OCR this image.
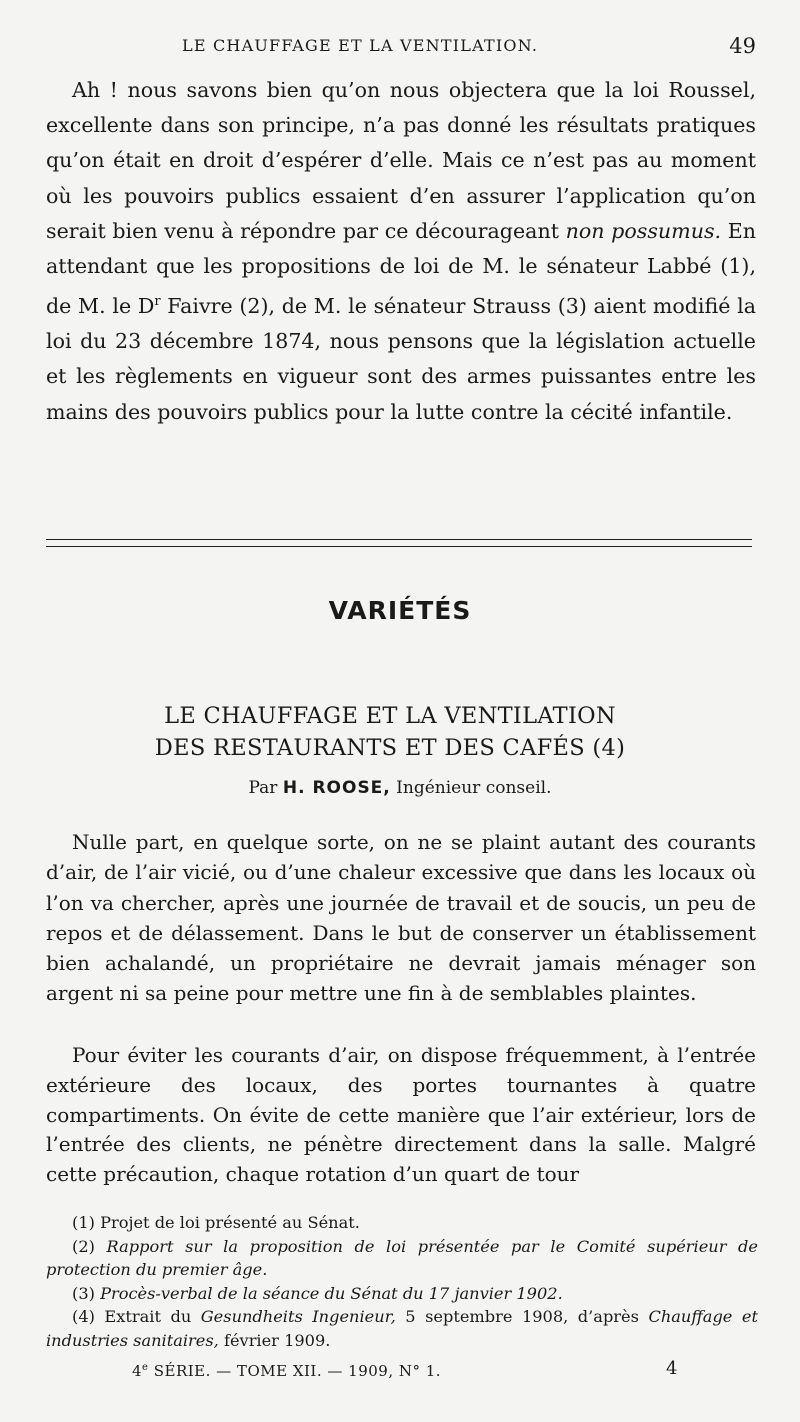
LE CHAUFFAGE ET LA VENTILATION.	49

Ah ! nous savons bien qu’on nous objectera que la loi Roussel, excellente dans son principe, n’a pas donné les résultats pratiques qu’on était en droit d’espérer d’elle. Mais ce n’est pas au moment où les pouvoirs publics essaient d’en assurer l’application qu’on serait bien venu à répondre par ce décourageant non possumus. En attendant que les propositions de loi de M. le sénateur Labbé (1), de M. le $D^r$ Faivre (2), de M. le sénateur Strauss (3) aient modifié la loi du 23 décembre 1874, nous pensons que la législation actuelle et les règlements en vigueur sont des armes puissantes entre les mains des pouvoirs publics pour la lutte contre la cécité infantile.

VARIÉTÉS
LE CHAUFFAGE ET LA VENTILATION
DES RESTAURANTS ET DES CAFÉS (4)

Par H. ROOSE, Ingénieur conseil.

Nulle part, en quelque sorte, on ne se plaint autant des courants d’air, de l’air vicié, ou d’une chaleur excessive que dans les locaux où l’on va chercher, après une journée de travail et de soucis, un peu de repos et de délassement. Dans le but de conserver un établissement bien achalandé, un propriétaire ne devrait jamais ménager son argent ni sa peine pour mettre une fin à de semblables plaintes.

Pour éviter les courants d’air, on dispose fréquemment, à l’entrée extérieure des locaux, des portes tournantes à quatre compartiments. On évite de cette manière que l’air extérieur, lors de l’entrée des clients, ne pénètre directement dans la salle. Malgré cette précaution, chaque rotation d’un quart de tour

(1) Projet de loi présenté au Sénat.

(2) Rapport sur la proposition de loi présentée par le Comité supérieur de protection du premier âge.

(3) Procès-verbal de la séance du Sénat du 17 janvier 1902.

(4) Extrait du Gesundheits Ingenieur, 5 septembre 1908, d’après Chauffage et industries sanitaires, février 1909.

4e SÉRIE. — TOME XII. — 1909, N° 1.	4
